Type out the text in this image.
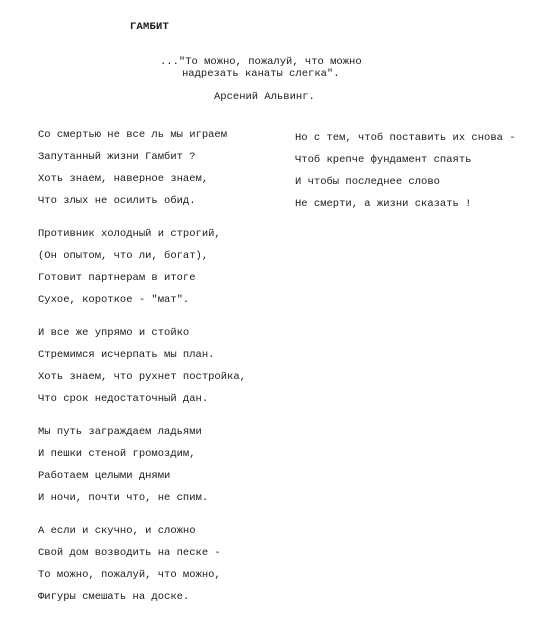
ГАМБИТ
..."То можно, пожалуй, что можно
надрезать канаты слегка".
Арсений Альвинг.
Со смертью не все ль мы играем
Запутанный жизни Гамбит ?
Хоть знаем, наверное знаем,
Что злых не осилить обид.
Противник холодный и строгий,
(Он опытом, что ли, богат),
Готовит партнерам в итоге
Сухое, короткое - "мат".
И все же упрямо и стойко
Стремимся исчерпать мы план.
Хоть знаем, что рухнет постройка,
Что срок недостаточный дан.
Мы путь заграждаем ладьями
И пешки стеной громоздим,
Работаем целыми днями
И ночи, почти что, не спим.
А если и скучно, и сложно
Свой дом возводить на песке -
То можно, пожалуй, что можно,
Фигуры смешать на доске.
Но с тем, чтоб поставить их снова -
Чтоб крепче фундамент спаять
И чтобы последнее слово
Не смерти, а жизни сказать !
